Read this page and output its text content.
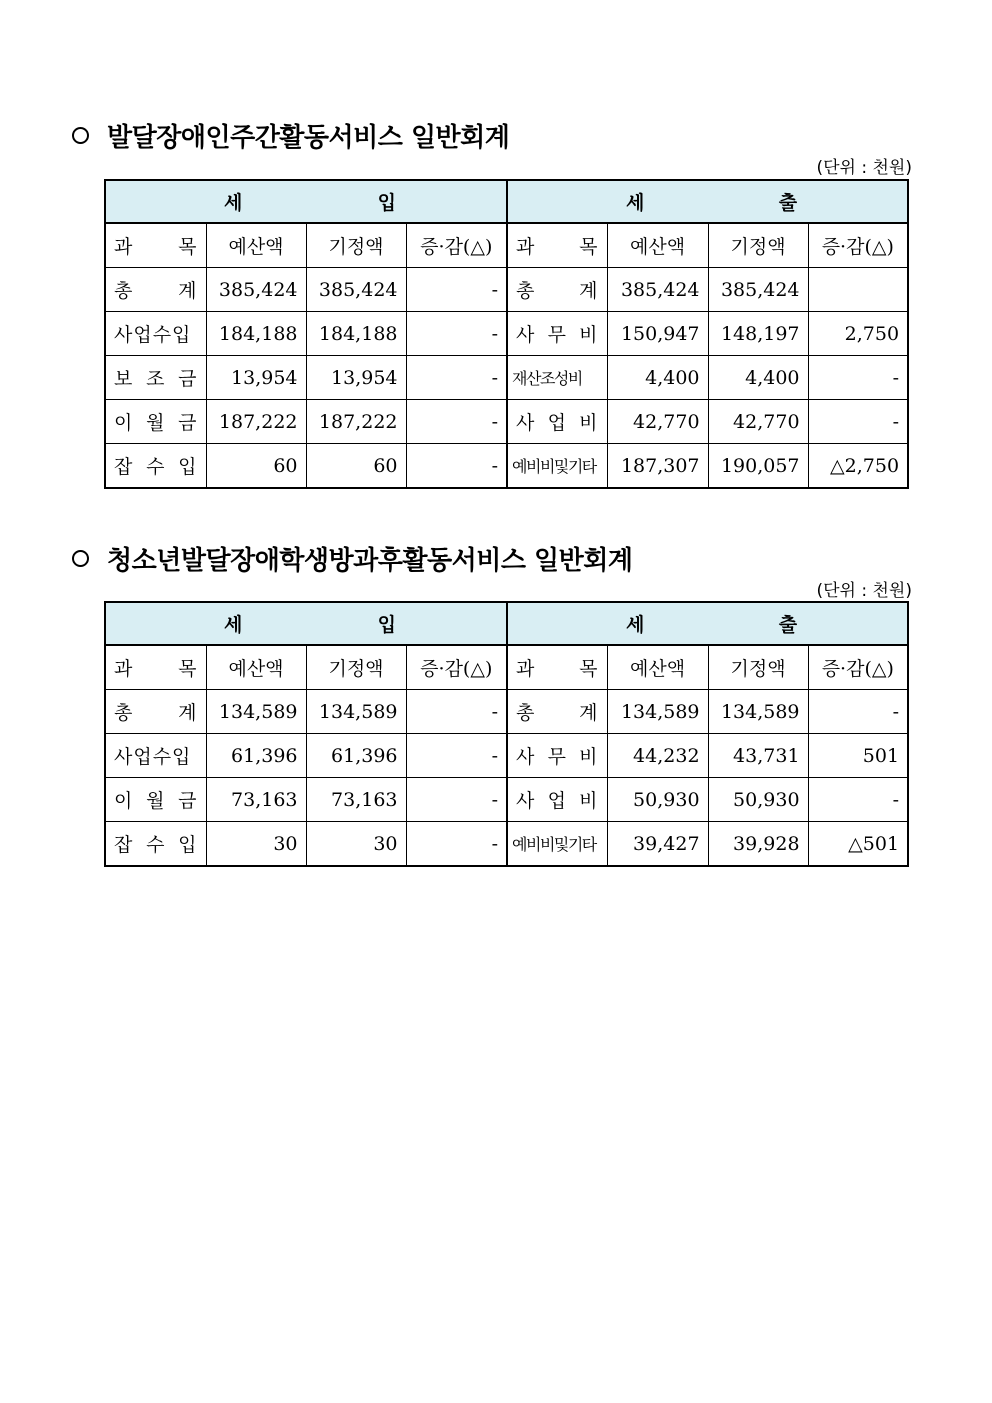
발달장애인주간활동서비스 일반회계
(단위 : 천원)
세 입				세 출			

과 목	예산액	기정액	증·감(△)	과 목	예산액	기정액	증·감(△)
총 계	385,424	385,424	-	총 계	385,424	385,424	
사업수입	184,188	184,188	-	사 무 비	150,947	148,197	2,750
보 조 금	13,954	13,954	-	재산조성비	4,400	4,400	-
이 월 금	187,222	187,222	-	사 업 비	42,770	42,770	-
잡 수 입	60	60	-	예비비및기타	187,307	190,057	△2,750
청소년발달장애학생방과후활동서비스 일반회계
(단위 : 천원)
세 입				세 출			

과 목	예산액	기정액	증·감(△)	과 목	예산액	기정액	증·감(△)
총 계	134,589	134,589	-	총 계	134,589	134,589	-
사업수입	61,396	61,396	-	사 무 비	44,232	43,731	501
이 월 금	73,163	73,163	-	사 업 비	50,930	50,930	-
잡 수 입	30	30	-	예비비및기타	39,427	39,928	△501
